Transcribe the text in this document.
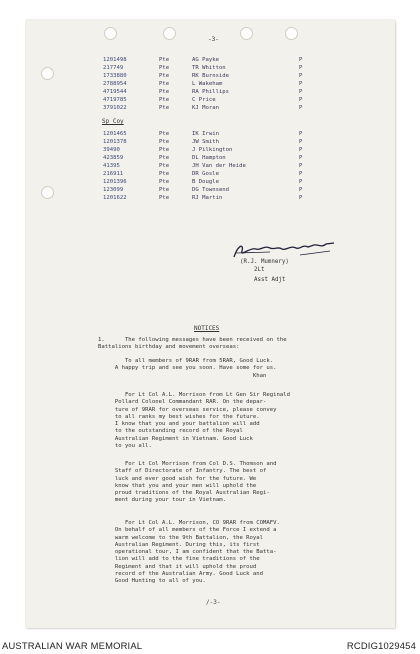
-3-
1201498	Pte	AG Payke	P
217749	Pte	TR Whitton	P
1733880	Pte	RK Burnside	P
2788954	Pte	L Wakeham	P
4719544	Pte	RA Phillips	P
4719785	Pte	C Price	P
3791022	Pte	KJ Moran	P
Sp Coy
1201465	Pte	IK Irwin	P
1201378	Pte	JW Smith	P
39490	Pte	J Pilkington	P
423859	Pte	DL Hampton	P
41395	Pte	JH Van der Heide	P
216911	Pte	DR Gosle	P
1201396	Pte	B Dougle	P
123099	Pte	DG Townsend	P
1201622	Pte	RJ Martin	P
(R.J. Mumnery)
2Lt
Asst Adjt
NOTICES
1.      The following messages have been received on the
Battalions birthday and movement overseas:
To all members of 9RAR from 5RAR, Good Luck.
A happy trip and see you soon. Have some for us.
Khan
For Lt Col A.L. Morrison from Lt Gen Sir Reginald
Pollard Colonel Commandant RAR. On the depar-
ture of 9RAR for overseas service, please convey
to all ranks my best wishes for the future.
I know that you and your battalion will add
to the outstanding record of the Royal
Australian Regiment in Vietnam. Good Luck
to you all.
For Lt Col Morrison from Col D.S. Thomson and
Staff of Directorate of Infantry. The best of
luck and ever good wish for the future. We
know that you and your men will uphold the
proud traditions of the Royal Australian Regi-
ment during your tour in Vietnam.
For Lt Col A.L. Morrison, CO 9RAR from COMAFV.
On behalf of all members of the Force I extend a
warm welcome to the 9th Battalion, the Royal
Australian Regiment. During this, its first
operational tour, I am confident that the Batta-
lion will add to the fine traditions of the
Regiment and that it will uphold the proud
record of the Australian Army. Good Luck and
Good Hunting to all of you.
/-3-
AUSTRALIAN WAR MEMORIAL	RCDIG1029454
